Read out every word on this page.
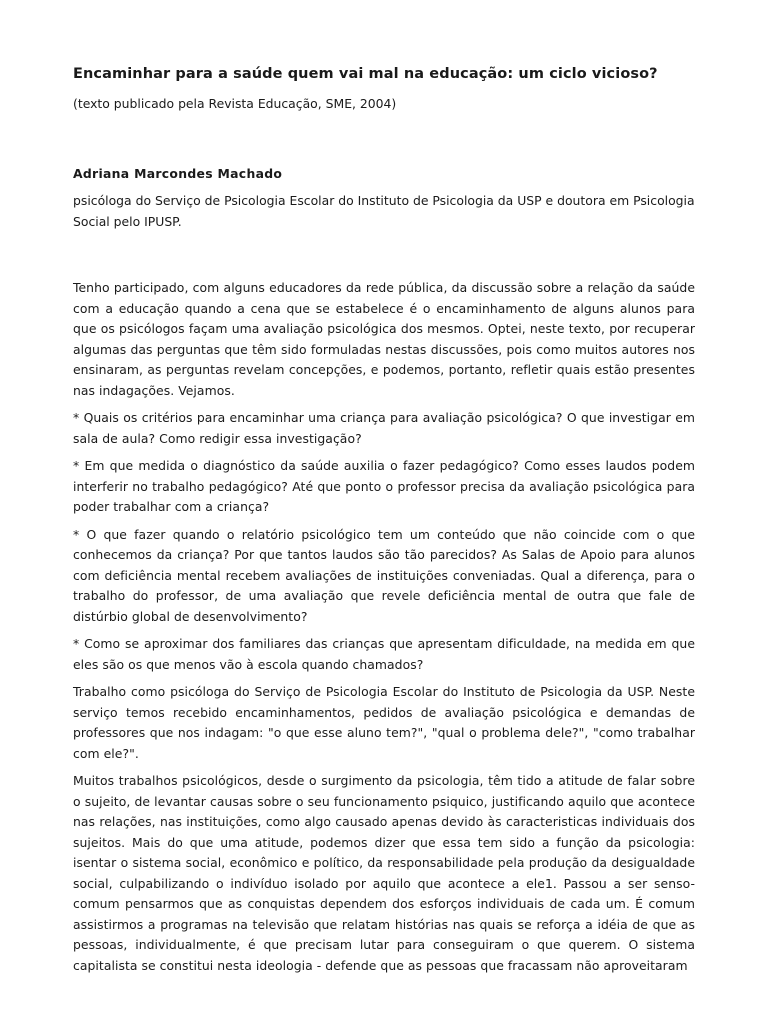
Encaminhar para a saúde quem vai mal na educação: um ciclo vicioso?

(texto publicado pela Revista Educação, SME, 2004)

Adriana Marcondes Machado

psicóloga do Serviço de Psicologia Escolar do Instituto de Psicologia da USP e doutora em Psicologia Social pelo IPUSP.

Tenho participado, com alguns educadores da rede pública, da discussão sobre a relação da saúde com a educação quando a cena que se estabelece é o encaminhamento de alguns alunos para que os psicólogos façam uma avaliação psicológica dos mesmos. Optei, neste texto, por recuperar algumas das perguntas que têm sido formuladas nestas discussões, pois como muitos autores nos ensinaram, as perguntas revelam concepções, e podemos, portanto, refletir quais estão presentes nas indagações. Vejamos.

* Quais os critérios para encaminhar uma criança para avaliação psicológica? O que investigar em sala de aula? Como redigir essa investigação?

* Em que medida o diagnóstico da saúde auxilia o fazer pedagógico? Como esses laudos podem interferir no trabalho pedagógico? Até que ponto o professor precisa da avaliação psicológica para poder trabalhar com a criança?

* O que fazer quando o relatório psicológico tem um conteúdo que não coincide com o que conhecemos da criança? Por que tantos laudos são tão parecidos? As Salas de Apoio para alunos com deficiência mental recebem avaliações de instituições conveniadas. Qual a diferença, para o trabalho do professor, de uma avaliação que revele deficiência mental de outra que fale de distúrbio global de desenvolvimento?

* Como se aproximar dos familiares das crianças que apresentam dificuldade, na medida em que eles são os que menos vão à escola quando chamados?

Trabalho como psicóloga do Serviço de Psicologia Escolar do Instituto de Psicologia da USP. Neste serviço temos recebido encaminhamentos, pedidos de avaliação psicológica e demandas de professores que nos indagam: "o que esse aluno tem?", "qual o problema dele?", "como trabalhar com ele?".

Muitos trabalhos psicológicos, desde o surgimento da psicologia, têm tido a atitude de falar sobre o sujeito, de levantar causas sobre o seu funcionamento psiquico, justificando aquilo que acontece nas relações, nas instituições, como algo causado apenas devido às caracteristicas individuais dos sujeitos. Mais do que uma atitude, podemos dizer que essa tem sido a função da psicologia: isentar o sistema social, econômico e político, da responsabilidade pela produção da desigualdade social, culpabilizando o indivíduo isolado por aquilo que acontece a ele1. Passou a ser senso-comum pensarmos que as conquistas dependem dos esforços individuais de cada um. É comum assistirmos a programas na televisão que relatam histórias nas quais se reforça a idéia de que as pessoas, individualmente, é que precisam lutar para conseguiram o que querem. O sistema capitalista se constitui nesta ideologia - defende que as pessoas que fracassam não aproveitaram
